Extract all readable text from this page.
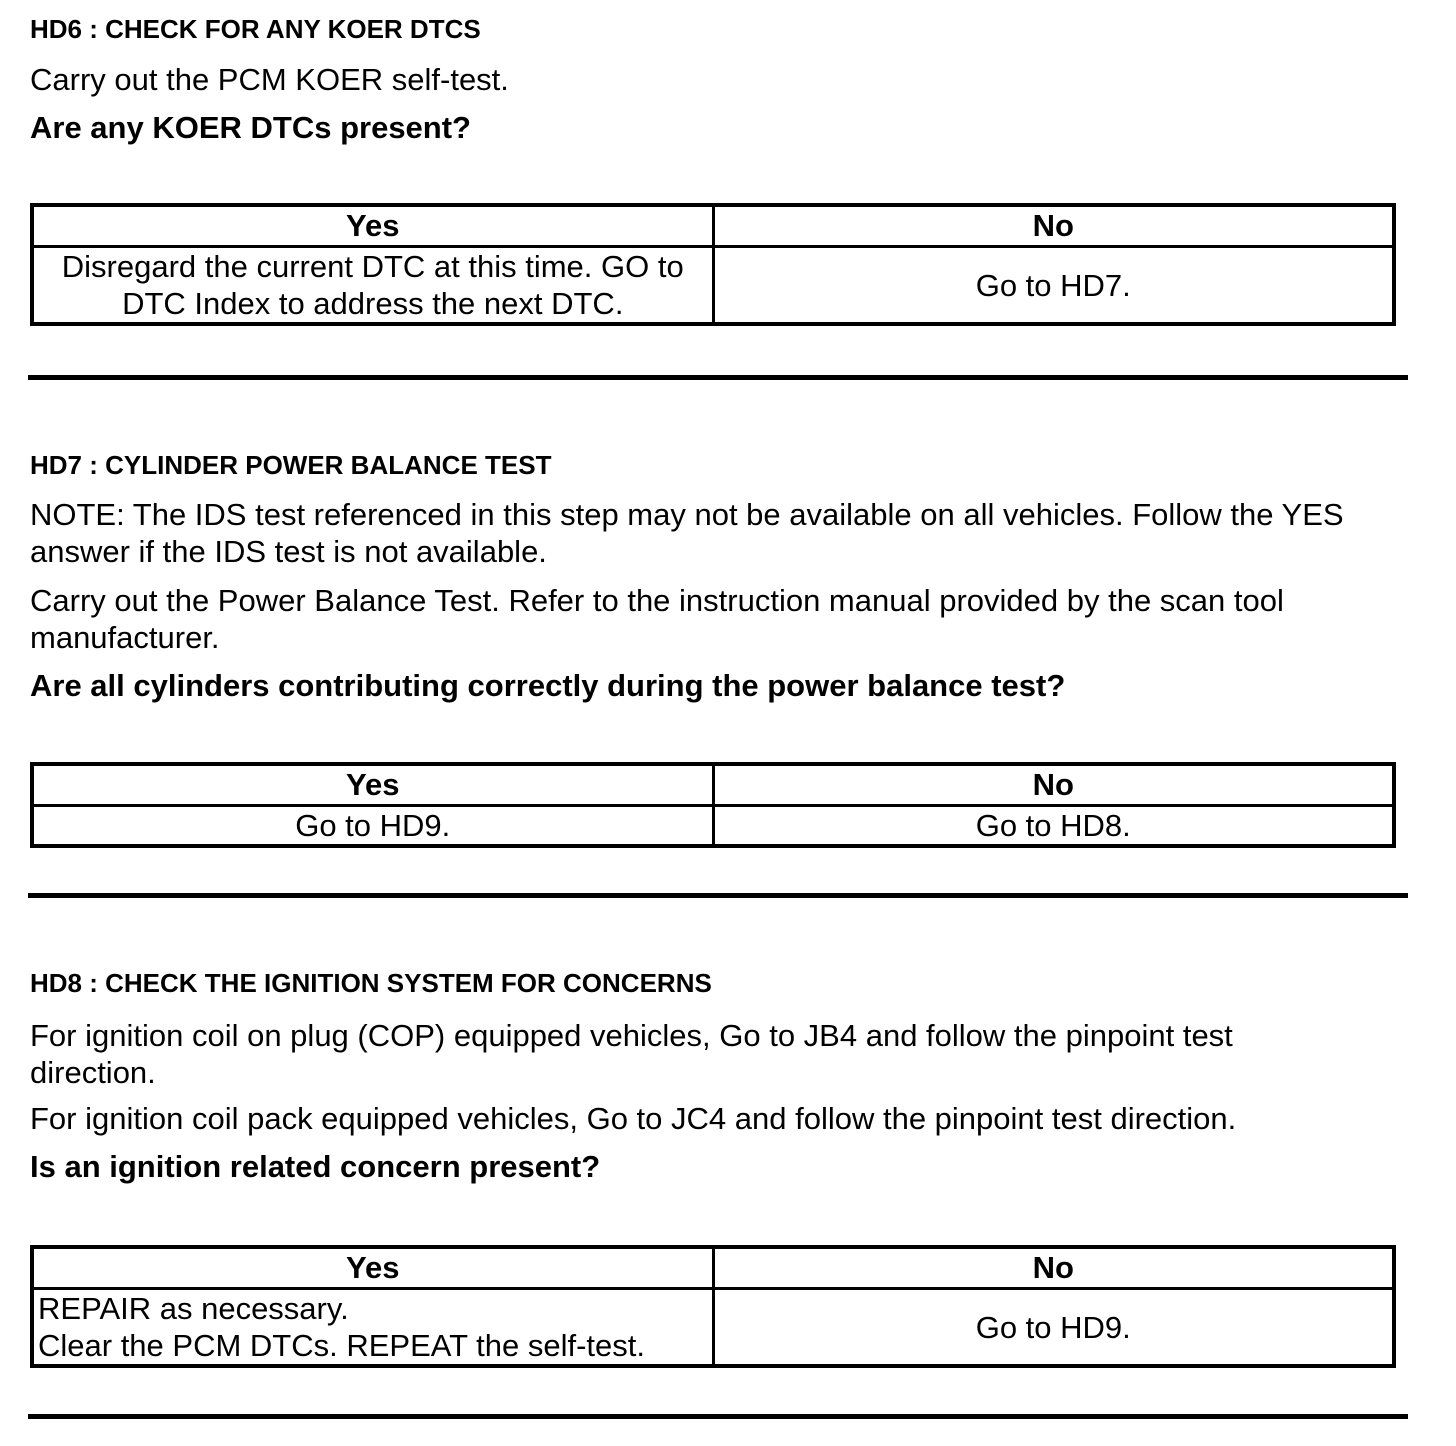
HD6 : CHECK FOR ANY KOER DTCS

Carry out the PCM KOER self-test.

Are any KOER DTCs present?

Yes	No

Disregard the current DTC at this time. GO to
DTC Index to address the next DTC.	Go to HD7.
HD7 : CYLINDER POWER BALANCE TEST

NOTE: The IDS test referenced in this step may not be available on all vehicles. Follow the YES answer if the IDS test is not available.

Carry out the Power Balance Test. Refer to the instruction manual provided by the scan tool manufacturer.

Are all cylinders contributing correctly during the power balance test?

Yes	No
Go to HD9.	Go to HD8.
HD8 : CHECK THE IGNITION SYSTEM FOR CONCERNS

For ignition coil on plug (COP) equipped vehicles, Go to JB4 and follow the pinpoint test direction.

For ignition coil pack equipped vehicles, Go to JC4 and follow the pinpoint test direction.

Is an ignition related concern present?

Yes	No

REPAIR as necessary.
Clear the PCM DTCs. REPEAT the self-test.	Go to HD9.
